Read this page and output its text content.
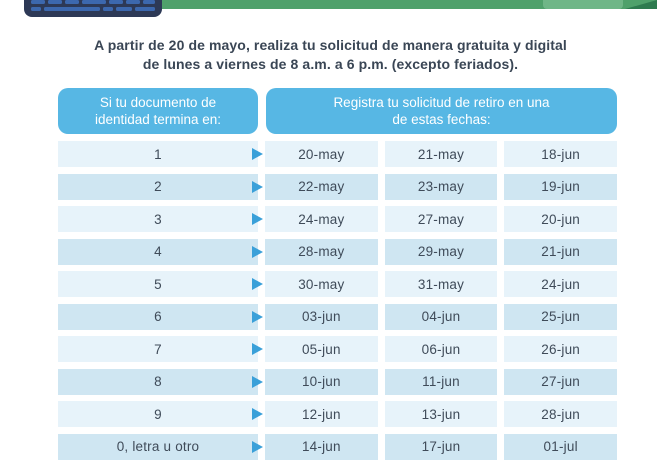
A partir de 20 de mayo, realiza tu solicitud de manera gratuita y digital
de lunes a viernes de 8 a.m. a 6 p.m. (excepto feriados).
Si tu documento de identidad termina en:
Registra tu solicitud de retiro en una de estas fechas:
1	20-may	21-may	18-jun
2	22-may	23-may	19-jun
3	24-may	27-may	20-jun
4	28-may	29-may	21-jun
5	30-may	31-may	24-jun
6	03-jun	04-jun	25-jun
7	05-jun	06-jun	26-jun
8	10-jun	11-jun	27-jun
9	12-jun	13-jun	28-jun
0, letra u otro	14-jun	17-jun	01-jul
